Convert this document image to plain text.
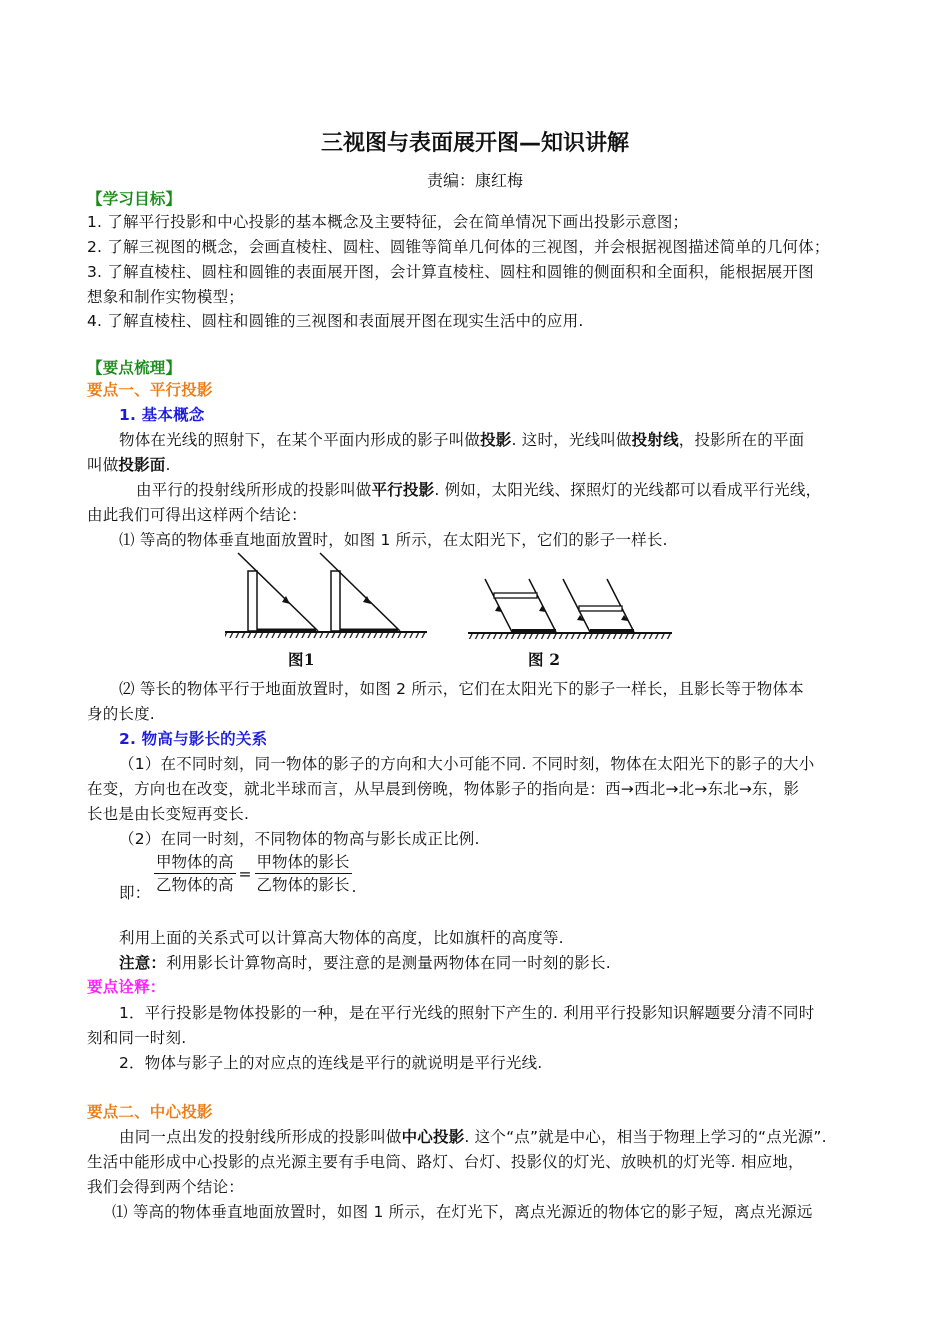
三视图与表面展开图—知识讲解
责编：康红梅
【学习目标】
1. 了解平行投影和中心投影的基本概念及主要特征，会在简单情况下画出投影示意图；
2. 了解三视图的概念，会画直棱柱、圆柱、圆锥等简单几何体的三视图，并会根据视图描述简单的几何体；
3. 了解直棱柱、圆柱和圆锥的表面展开图，会计算直棱柱、圆柱和圆锥的侧面积和全面积，能根据展开图
想象和制作实物模型；
4. 了解直棱柱、圆柱和圆锥的三视图和表面展开图在现实生活中的应用.
【要点梳理】
要点一、平行投影
1. 基本概念
物体在光线的照射下，在某个平面内形成的影子叫做投影. 这时，光线叫做投射线，投影所在的平面
叫做投影面.
由平行的投射线所形成的投影叫做平行投影. 例如，太阳光线、探照灯的光线都可以看成平行光线，
由此我们可得出这样两个结论：
⑴ 等高的物体垂直地面放置时，如图 1 所示，在太阳光下，它们的影子一样长.
图1	图 2
⑵ 等长的物体平行于地面放置时，如图 2 所示，它们在太阳光下的影子一样长，且影长等于物体本
身的长度.
2. 物高与影长的关系
（1）在不同时刻，同一物体的影子的方向和大小可能不同. 不同时刻，物体在太阳光下的影子的大小
在变，方向也在改变，就北半球而言，从早晨到傍晚，物体影子的指向是：西→西北→北→东北→东，影
长也是由长变短再变长.
（2）在同一时刻，不同物体的物高与影长成正比例.
即：
甲物体的高
乙物体的高
=
甲物体的影长
乙物体的影长 .
利用上面的关系式可以计算高大物体的高度，比如旗杆的高度等.
注意：利用影长计算物高时，要注意的是测量两物体在同一时刻的影长.
要点诠释：
1．平行投影是物体投影的一种，是在平行光线的照射下产生的. 利用平行投影知识解题要分清不同时
刻和同一时刻.
2．物体与影子上的对应点的连线是平行的就说明是平行光线.
要点二、中心投影
由同一点出发的投射线所形成的投影叫做中心投影. 这个“点”就是中心，相当于物理上学习的“点光源”.
生活中能形成中心投影的点光源主要有手电筒、路灯、台灯、投影仪的灯光、放映机的灯光等. 相应地，
我们会得到两个结论：
⑴ 等高的物体垂直地面放置时，如图 1 所示，在灯光下，离点光源近的物体它的影子短，离点光源远
